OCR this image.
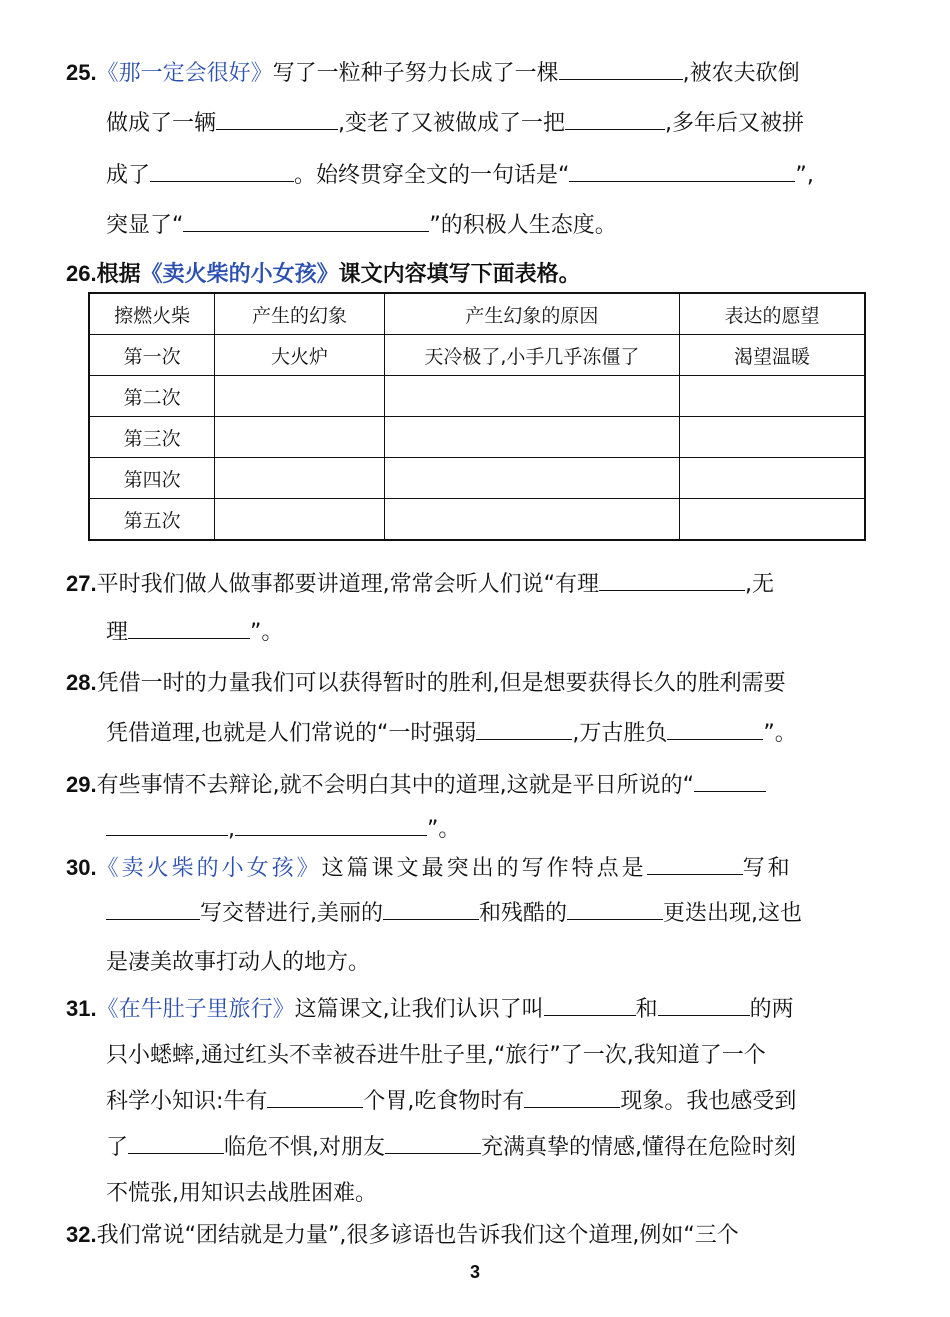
25.《那一定会很好》写了一粒种子努力长成了一棵	,被农夫砍倒
做成了一辆	,变老了又被做成了一把	,多年后又被拼
成了	。始终贯穿全文的一句话是“	”,
突显了“	”的积极人生态度。
26.根据《卖火柴的小女孩》课文内容填写下面表格。
擦燃火柴	产生的幻象	产生幻象的原因	表达的愿望
第一次	大火炉	天冷极了,小手几乎冻僵了	渴望温暖
第二次			
第三次			
第四次			
第五次			
27.平时我们做人做事都要讲道理,常常会听人们说“有理	,无
理	”。
28.凭借一时的力量我们可以获得暂时的胜利,但是想要获得长久的胜利需要
凭借道理,也就是人们常说的“一时强弱	,万古胜负	”。
29.有些事情不去辩论,就不会明白其中的道理,这就是平日所说的“
,	”。
30.《卖火柴的小女孩》这篇课文最突出的写作特点是	写和
写交替进行,美丽的	和残酷的	更迭出现,这也
是凄美故事打动人的地方。
31.《在牛肚子里旅行》这篇课文,让我们认识了叫	和	的两
只小蟋蟀,通过红头不幸被吞进牛肚子里,“旅行”了一次,我知道了一个
科学小知识:牛有	个胃,吃食物时有	现象。我也感受到
了	临危不惧,对朋友	充满真挚的情感,懂得在危险时刻
不慌张,用知识去战胜困难。
32.我们常说“团结就是力量”,很多谚语也告诉我们这个道理,例如“三个
3
